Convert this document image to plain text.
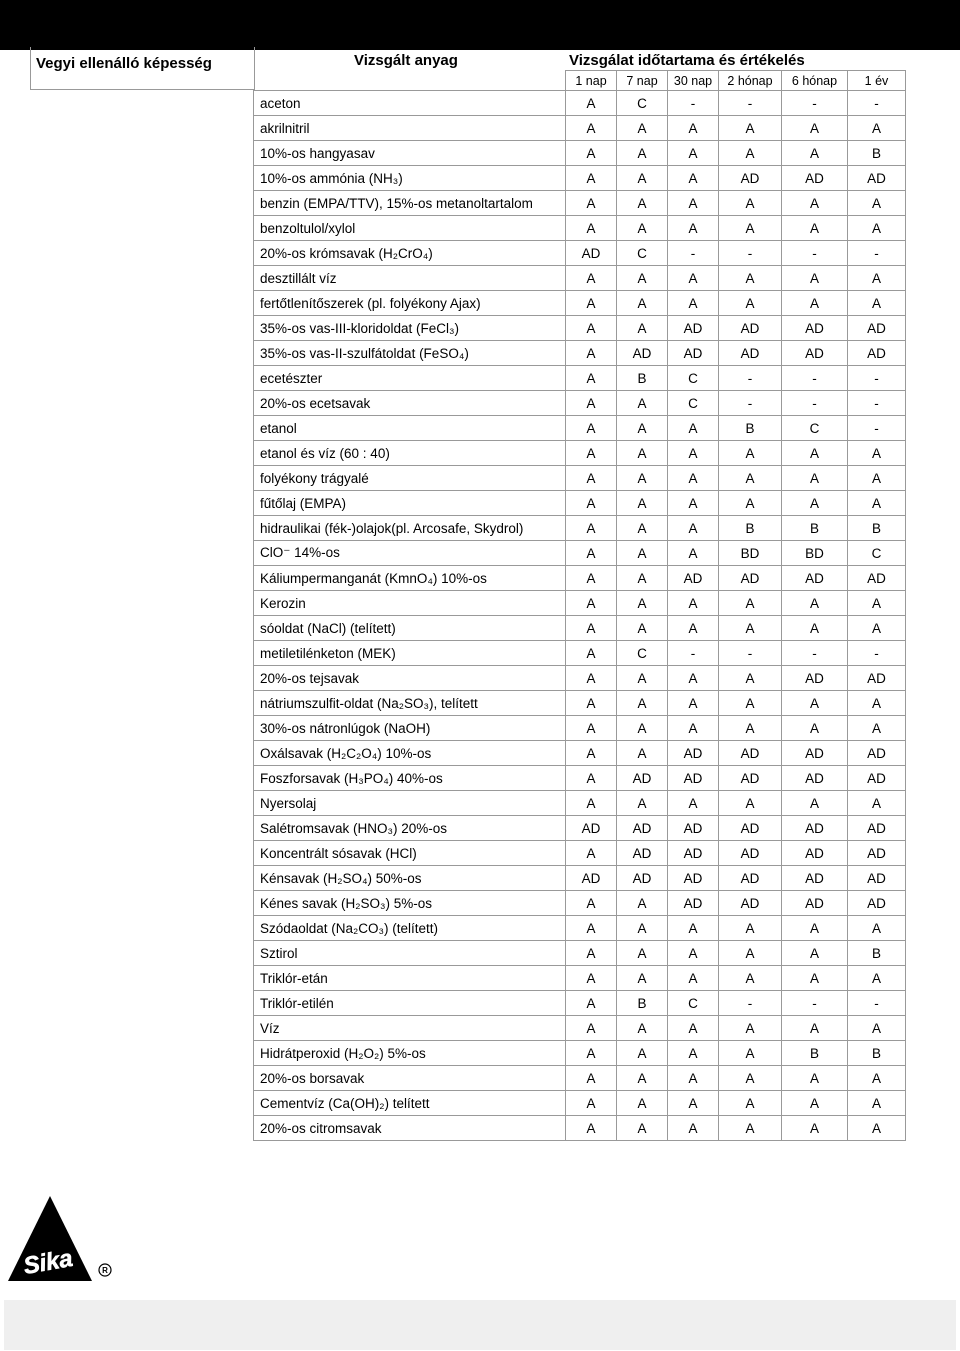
Vegyi ellenálló képesség	Vizsgált anyag	Vizsgálat időtartama és értékelés
	1 nap	7 nap	30 nap	2 hónap	6 hónap	1 év
aceton	A	C	-	-	-	-
akrilnitril	A	A	A	A	A	A
10%-os hangyasav	A	A	A	A	A	B
10%-os ammónia (NH₃)	A	A	A	AD	AD	AD
benzin (EMPA/TTV), 15%-os metanoltartalom	A	A	A	A	A	A
benzoltulol/xylol	A	A	A	A	A	A
20%-os krómsavak (H₂CrO₄)	AD	C	-	-	-	-
desztillált víz	A	A	A	A	A	A
fertőtlenítőszerek (pl. folyékony Ajax)	A	A	A	A	A	A
35%-os vas-III-kloridoldat (FeCl₃)	A	A	AD	AD	AD	AD
35%-os vas-II-szulfátoldat (FeSO₄)	A	AD	AD	AD	AD	AD
ecetészter	A	B	C	-	-	-
20%-os ecetsavak	A	A	C	-	-	-
etanol	A	A	A	B	C	-
etanol és víz (60 : 40)	A	A	A	A	A	A
folyékony trágyalé	A	A	A	A	A	A
fűtőlaj (EMPA)	A	A	A	A	A	A
hidraulikai (fék-)olajok(pl. Arcosafe, Skydrol)	A	A	A	B	B	B
ClO⁻ 14%-os	A	A	A	BD	BD	C
Káliumpermanganát (KmnO₄) 10%-os	A	A	AD	AD	AD	AD
Kerozin	A	A	A	A	A	A
sóoldat (NaCl) (telített)	A	A	A	A	A	A
metiletilénketon (MEK)	A	C	-	-	-	-
20%-os tejsavak	A	A	A	A	AD	AD
nátriumszulfit-oldat (Na₂SO₃), telített	A	A	A	A	A	A
30%-os nátronlúgok (NaOH)	A	A	A	A	A	A
Oxálsavak (H₂C₂O₄) 10%-os	A	A	AD	AD	AD	AD
Foszforsavak (H₃PO₄) 40%-os	A	AD	AD	AD	AD	AD
Nyersolaj	A	A	A	A	A	A
Salétromsavak (HNO₃) 20%-os	AD	AD	AD	AD	AD	AD
Koncentrált sósavak (HCl)	A	AD	AD	AD	AD	AD
Kénsavak (H₂SO₄) 50%-os	AD	AD	AD	AD	AD	AD
Kénes savak (H₂SO₃) 5%-os	A	A	AD	AD	AD	AD
Szódaoldat (Na₂CO₃) (telített)	A	A	A	A	A	A
Sztirol	A	A	A	A	A	B
Triklór-etán	A	A	A	A	A	A
Triklór-etilén	A	B	C	-	-	-
Víz	A	A	A	A	A	A
Hidrátperoxid (H₂O₂) 5%-os	A	A	A	A	B	B
20%-os borsavak	A	A	A	A	A	A
Cementvíz (Ca(OH)₂) telített	A	A	A	A	A	A
20%-os citromsavak	A	A	A	A	A	A
Sika	R
